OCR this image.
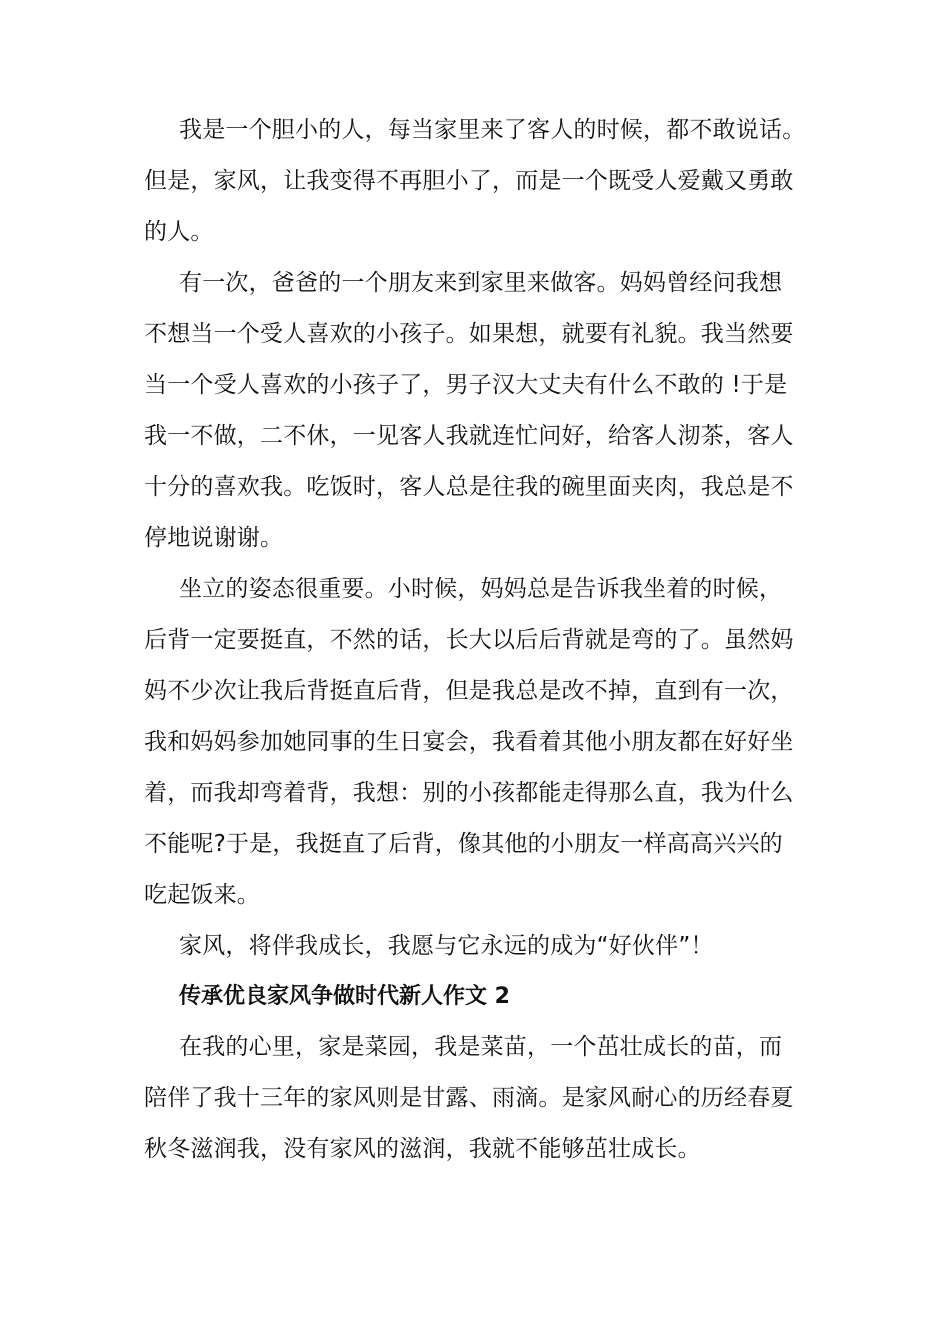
我是一个胆小的人，每当家里来了客人的时候，都不敢说话。
但是，家风，让我变得不再胆小了，而是一个既受人爱戴又勇敢
的人。
有一次，爸爸的一个朋友来到家里来做客。妈妈曾经问我想
不想当一个受人喜欢的小孩子。如果想，就要有礼貌。我当然要
当一个受人喜欢的小孩子了，男子汉大丈夫有什么不敢的 !于是
我一不做，二不休，一见客人我就连忙问好，给客人沏茶，客人
十分的喜欢我。吃饭时，客人总是往我的碗里面夹肉，我总是不
停地说谢谢。
坐立的姿态很重要。小时候，妈妈总是告诉我坐着的时候，
后背一定要挺直，不然的话，长大以后后背就是弯的了。虽然妈
妈不少次让我后背挺直后背，但是我总是改不掉，直到有一次，
我和妈妈参加她同事的生日宴会，我看着其他小朋友都在好好坐
着，而我却弯着背，我想：别的小孩都能走得那么直，我为什么
不能呢?于是，我挺直了后背，像其他的小朋友一样高高兴兴的
吃起饭来。
家风，将伴我成长，我愿与它永远的成为“好伙伴”！
传承优良家风争做时代新人作文 2
在我的心里，家是菜园，我是菜苗，一个茁壮成长的苗，而
陪伴了我十三年的家风则是甘露、雨滴。是家风耐心的历经春夏
秋冬滋润我，没有家风的滋润，我就不能够茁壮成长。
